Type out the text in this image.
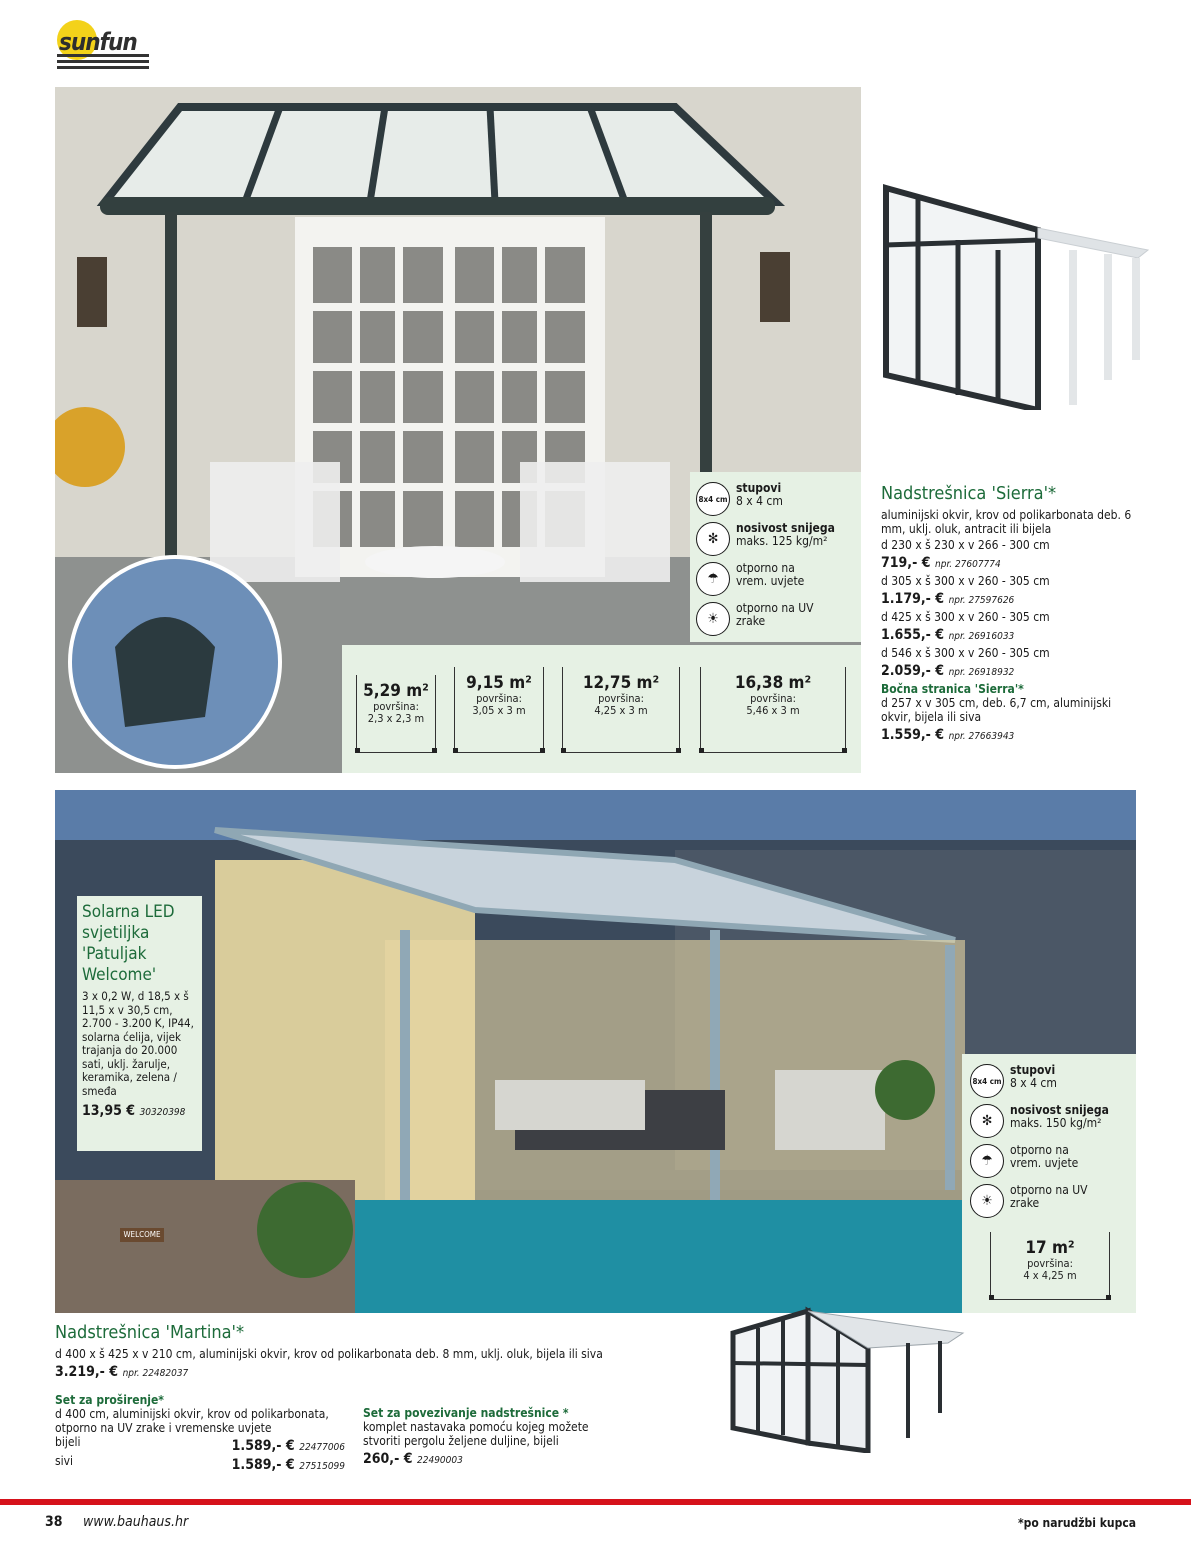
sunfun
8x4 cm
stupovi
8 x 4 cm
✻
nosivost snijega
maks. 125 kg/m²
☂
otporno na vrem. uvjete
☀
otporno na UV zrake
5,29 m²
površina:
2,3 x 2,3 m
9,15 m²
površina:
3,05 x 3 m
12,75 m²
površina:
4,25 x 3 m
16,38 m²
površina:
5,46 x 3 m
Nadstrešnica 'Sierra'*
aluminijski okvir, krov od polikarbonata deb. 6 mm, uklj. oluk, antracit ili bijela
d 230 x š 230 x v 266 - 300 cm
719,- € npr. 27607774
d 305 x š 300 x v 260 - 305 cm
1.179,- € npr. 27597626
d 425 x š 300 x v 260 - 305 cm
1.655,- € npr. 26916033
d 546 x š 300 x v 260 - 305 cm
2.059,- € npr. 26918932
Bočna stranica 'Sierra'*
d 257 x v 305 cm, deb. 6,7 cm, aluminijski okvir, bijela ili siva
1.559,- € npr. 27663943
Solarna LED svjetiljka 'Patuljak Welcome'
3 x 0,2 W, d 18,5 x š 11,5 x v 30,5 cm, 2.700 - 3.200 K, IP44, solarna ćelija, vijek trajanja do 20.000 sati, uklj. žarulje, keramika, zelena / smeđa
13,95 € 30320398
WELCOME
8x4 cm
stupovi
8 x 4 cm
✻
nosivost snijega
maks. 150 kg/m²
☂
otporno na vrem. uvjete
☀
otporno na UV zrake
17 m²
površina:
4 x 4,25 m
Nadstrešnica 'Martina'*
d 400 x š 425 x v 210 cm, aluminijski okvir, krov od polikarbonata deb. 8 mm, uklj. oluk, bijela ili siva
3.219,- € npr. 22482037
Set za proširenje*
d 400 cm, aluminijski okvir, krov od polikarbonata, otporno na UV zrake i vremenske uvjete
bijeli	1.589,- € 22477006
sivi	1.589,- € 27515099
Set za povezivanje nadstrešnice *
komplet nastavaka pomoću kojeg možete stvoriti pergolu željene duljine, bijeli
260,- € 22490003
38 www.bauhaus.hr	*po narudžbi kupca
